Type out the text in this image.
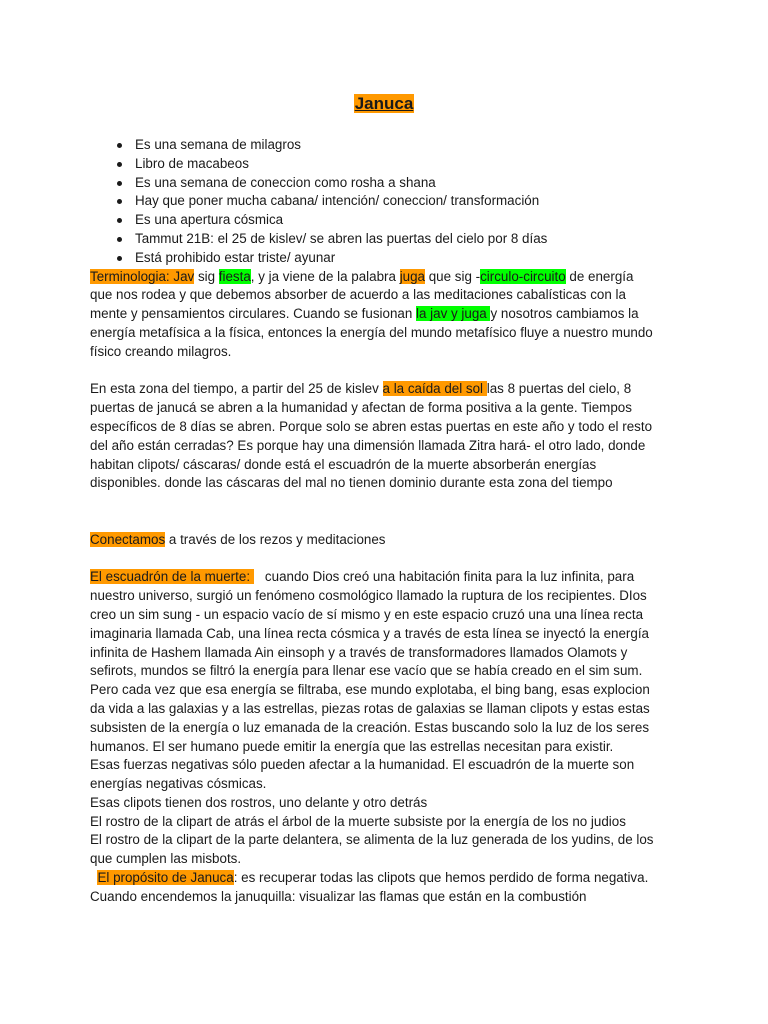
Januca
Es una semana de milagros
Libro de macabeos
Es una semana de coneccion como rosha a shana
Hay que poner mucha cabana/ intención/ coneccion/ transformación
Es una apertura cósmica
Tammut 21B: el 25 de kislev/ se abren las puertas del cielo por 8 días
Está prohibido estar triste/ ayunar

Terminologia: Jav sig fiesta, y ja viene de la palabra juga que sig -circulo-circuito de energía

que nos rodea y que debemos absorber de acuerdo a las meditaciones cabalísticas con la

mente y pensamientos circulares. Cuando se fusionan la jav y juga y nosotros cambiamos la

energía metafísica a la física, entonces la energía del mundo metafísico fluye a nuestro mundo

físico creando milagros.

En esta zona del tiempo, a partir del 25 de kislev a la caída del sol las 8 puertas del cielo, 8

puertas de janucá se abren a la humanidad y afectan de forma positiva a la gente. Tiempos

específicos de 8 días se abren. Porque solo se abren estas puertas en este año y todo el resto

del año están cerradas? Es porque hay una dimensión llamada Zitra hará- el otro lado, donde

habitan clipots/ cáscaras/ donde está el escuadrón de la muerte absorberán energías

disponibles. donde las cáscaras del mal no tienen dominio durante esta zona del tiempo

Conectamos a través de los rezos y meditaciones

El escuadrón de la muerte:    cuando Dios creó una habitación finita para la luz infinita, para

nuestro universo, surgió un fenómeno cosmológico llamado la ruptura de los recipientes. DIos

creo un sim sung - un espacio vacío de sí mismo y en este espacio cruzó una una línea recta

imaginaria llamada Cab, una línea recta cósmica y a través de esta línea se inyectó la energía

infinita de Hashem llamada Ain einsoph y a través de transformadores llamados Olamots y

sefirots, mundos se filtró la energía para llenar ese vacío que se había creado en el sim sum.

Pero cada vez que esa energía se filtraba, ese mundo explotaba, el bing bang, esas explocion

da vida a las galaxias y a las estrellas, piezas rotas de galaxias se llaman clipots y estas estas

subsisten de la energía o luz emanada de la creación. Estas buscando solo la luz de los seres

humanos. El ser humano puede emitir la energía que las estrellas necesitan para existir.

Esas fuerzas negativas sólo pueden afectar a la humanidad. El escuadrón de la muerte son

energías negativas cósmicas.

Esas clipots tienen dos rostros, uno delante y otro detrás

El rostro de la clipart de atrás el árbol de la muerte subsiste por la energía de los no judios

El rostro de la clipart de la parte delantera, se alimenta de la luz generada de los yudins, de los

que cumplen las misbots.

El propósito de Januca: es recuperar todas las clipots que hemos perdido de forma negativa.

Cuando encendemos la januquilla: visualizar las flamas que están en la combustión
